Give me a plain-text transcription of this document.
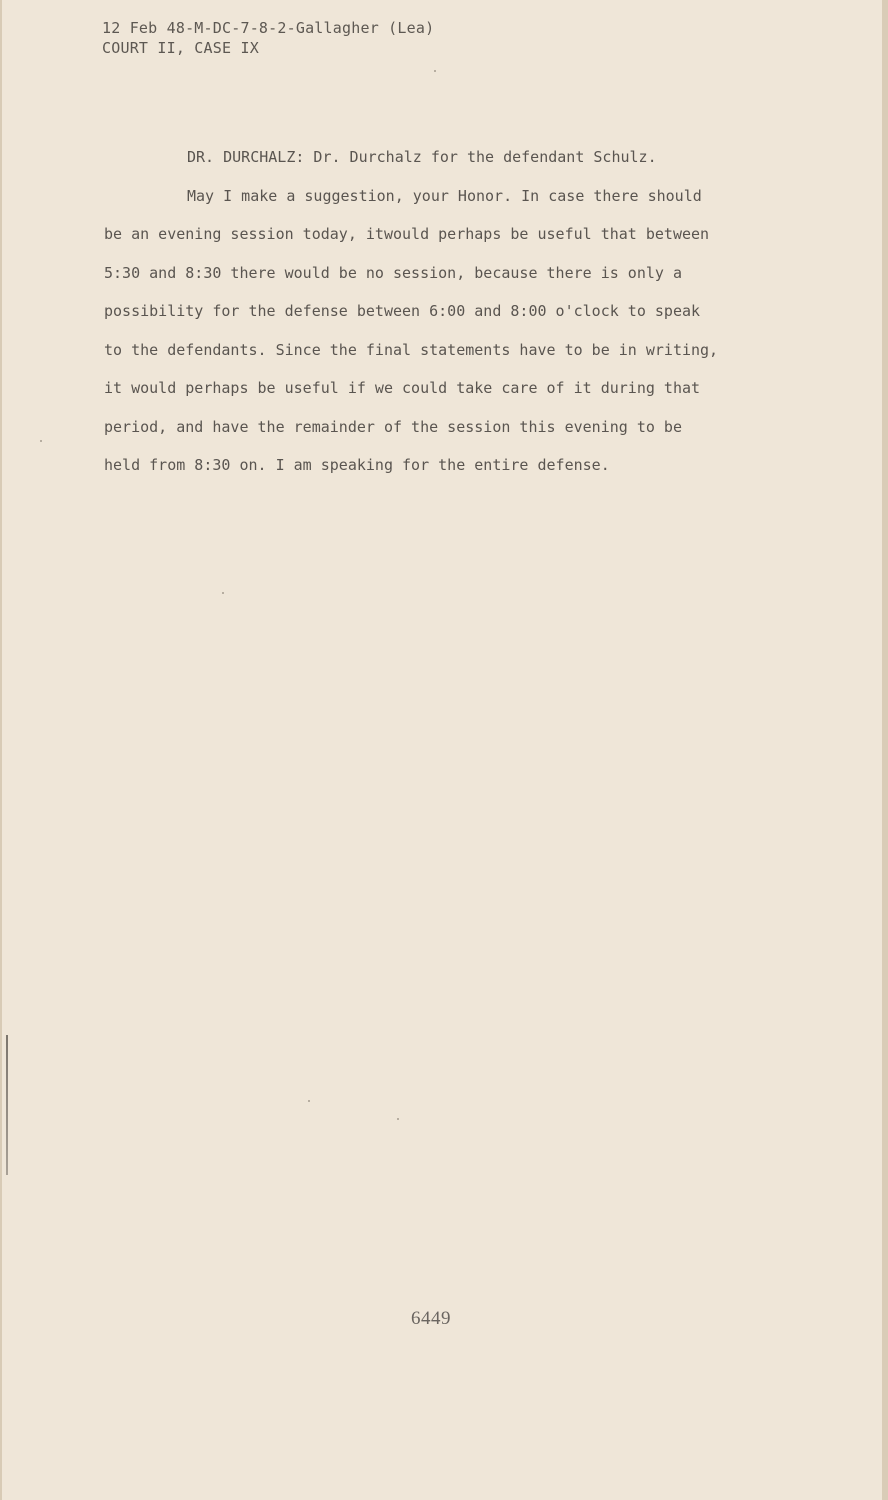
12 Feb 48-M-DC-7-8-2-Gallagher (Lea)
COURT II, CASE IX
DR. DURCHALZ: Dr. Durchalz for the defendant Schulz.
May I make a suggestion, your Honor. In case there should
be an evening session today, itwould perhaps be useful that between
5:30 and 8:30 there would be no session, because there is only a
possibility for the defense between 6:00 and 8:00 o'clock to speak
to the defendants. Since the final statements have to be in writing,
it would perhaps be useful if we could take care of it during that
period, and have the remainder of the session this evening to be
held from 8:30 on. I am speaking for the entire defense.
6449
